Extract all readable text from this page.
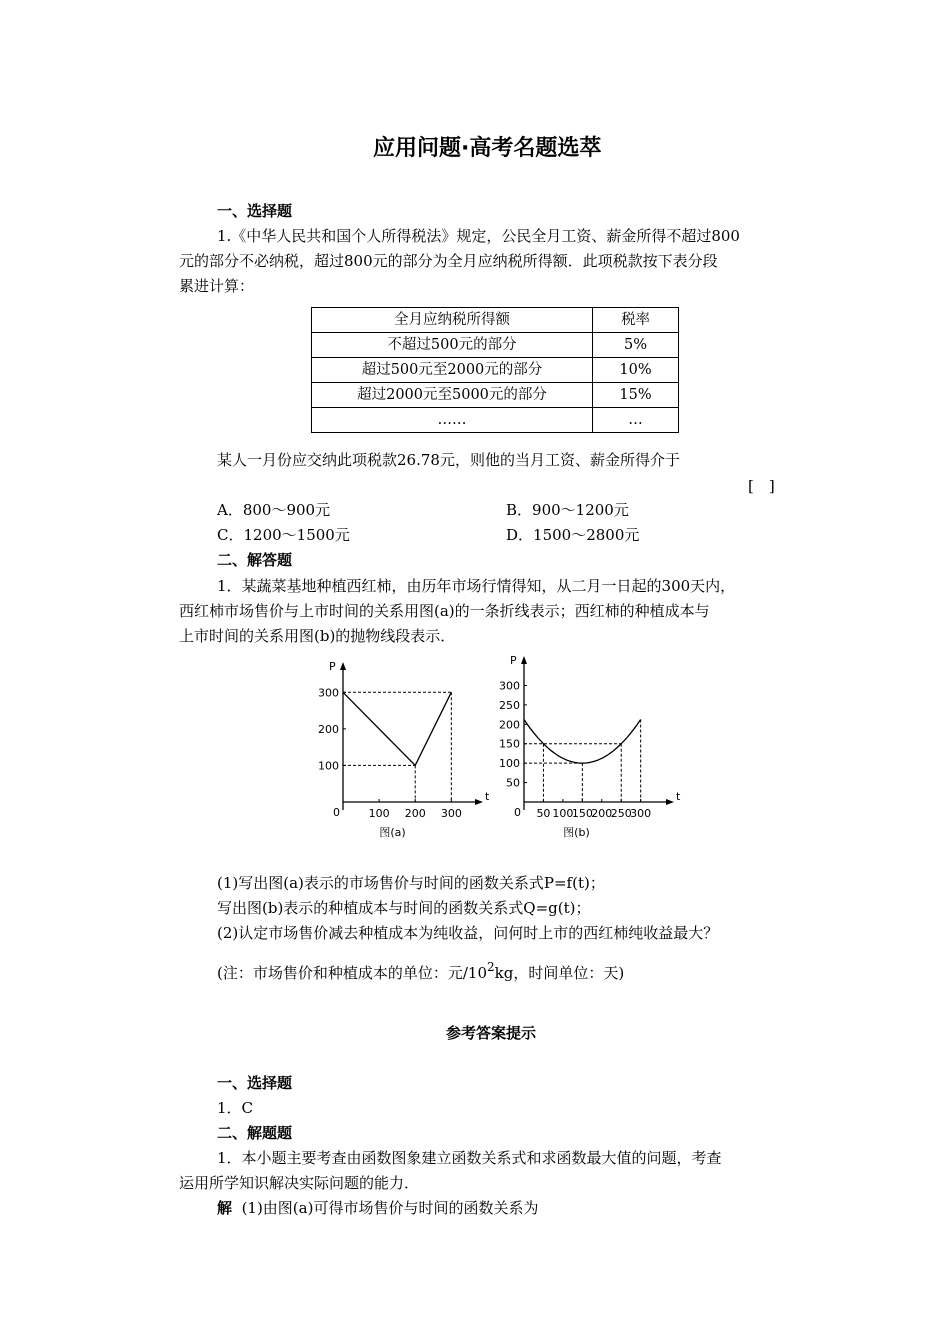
应用问题·高考名题选萃
一、选择题
1.《中华人民共和国个人所得税法》规定，公民全月工资、薪金所得不超过800
元的部分不必纳税，超过800元的部分为全月应纳税所得额．此项税款按下表分段
累进计算：
全月应纳税所得额	税率
不超过500元的部分	5%
超过500元至2000元的部分	10%
超过2000元至5000元的部分	15%
……	…
某人一月份应交纳此项税款26.78元，则他的当月工资、薪金所得介于
[　]
A．800～900元	B．900～1200元
C．1200～1500元	D．1500～2800元
二、解答题
1．某蔬菜基地种植西红柿，由历年市场行情得知，从二月一日起的300天内，
西红柿市场售价与上市时间的关系用图(a)的一条折线表示；西红柿的种植成本与
上市时间的关系用图(b)的抛物线段表示．
t
P
0	100 200 300
100
200
300
图(a)
t
P
0 50 100
150
200
250
300
50
100
150
200
250
300
图(b)
(1)写出图(a)表示的市场售价与时间的函数关系式P=f(t)；
写出图(b)表示的种植成本与时间的函数关系式Q=g(t)；
(2)认定市场售价减去种植成本为纯收益，问何时上市的西红柿纯收益最大？
(注：市场售价和种植成本的单位：元$/10^2kg$，时间单位：天)
参考答案提示
一、选择题
1．C
二、解题题
1．本小题主要考查由函数图象建立函数关系式和求函数最大值的问题，考查
运用所学知识解决实际问题的能力．
解 (1)由图(a)可得市场售价与时间的函数关系为
